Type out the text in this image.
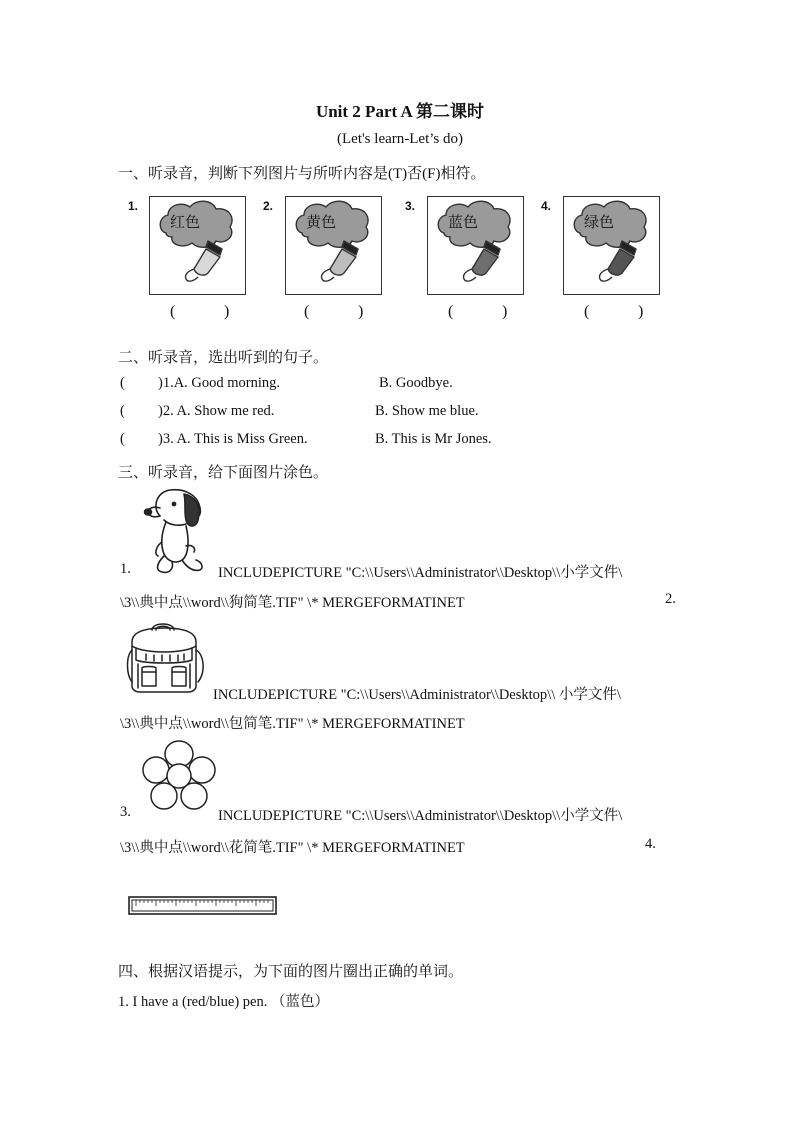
Unit 2 Part A 第二课时
(Let's learn-Let’s do)
一、听录音，判断下列图片与所听内容是(T)否(F)相符。
1.
红色
(	)
2.
黄色
(	)
3.
蓝色
(	)
4.
绿色
(	)
二、听录音，选出听到的句子。
( )1.A. Good morning.	B. Goodbye.
( )2. A. Show me red.	B. Show me blue.
( )3. A. This is Miss Green.	B. This is Mr Jones.
三、听录音，给下面图片涂色。
1.	INCLUDEPICTURE "C:\\Users\\Administrator\\Desktop\\小学文件\
\3\\典中点\\word\\狗简笔.TIF" \* MERGEFORMATINET	2.
INCLUDEPICTURE "C:\\Users\\Administrator\\Desktop\\ 小学文件\
\3\\典中点\\word\\包简笔.TIF" \* MERGEFORMATINET
3.	INCLUDEPICTURE "C:\\Users\\Administrator\\Desktop\\小学文件\
\3\\典中点\\word\\花简笔.TIF" \* MERGEFORMATINET	4.
四、根据汉语提示，为下面的图片圈出正确的单词。
1. I have a (red/blue) pen. （蓝色）
